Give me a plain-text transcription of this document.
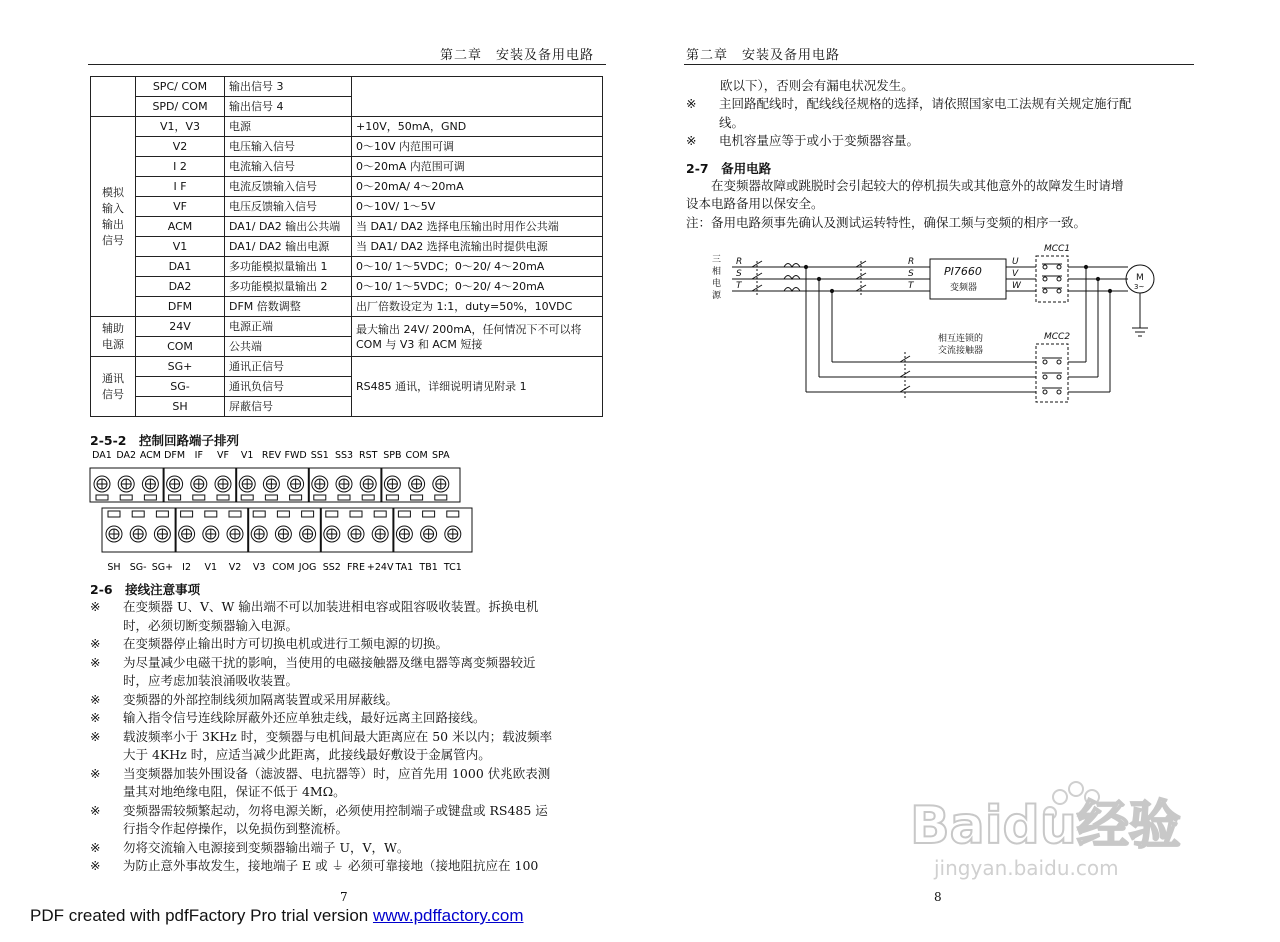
第二章　安装及备用电路	第二章　安装及备用电路
	SPC/ COM	输出信号 3	
	SPD/ COM	输出信号 4	
模拟
输入
输出
信号	V1，V3	电源	+10V，50mA，GND
	V2	电压输入信号	0～10V 内范围可调
	I 2	电流输入信号	0～20mA 内范围可调
	I F	电流反馈输入信号	0～20mA/ 4～20mA
	VF	电压反馈输入信号	0～10V/ 1～5V
	ACM	DA1/ DA2 输出公共端	当 DA1/ DA2 选择电压输出时用作公共端
	V1	DA1/ DA2 输出电源	当 DA1/ DA2 选择电流输出时提供电源
	DA1	多功能模拟量输出 1	0～10/ 1～5VDC；0～20/ 4～20mA
	DA2	多功能模拟量输出 2	0～10/ 1～5VDC；0～20/ 4～20mA
	DFM	DFM 倍数调整	出厂倍数设定为 1:1，duty=50%，10VDC
辅助
电源	24V	电源正端	最大输出 24V/ 200mA，任何情况下不可以将 COM 与 V3 和 ACM 短接
	COM	公共端	
通讯
信号	SG+	通讯正信号	RS485 通讯，详细说明请见附录 1
	SG-	通讯负信号	
	SH	屏蔽信号	
2-5-2　控制回路端子排列
DA1 DA2 ACM DFM IF VF V1 REV FWD SS1 SS3 RST SPB COM SPA
SH SG- SG+ I2 V1 V2 V3 COM JOG SS2 FRE +24V TA1 TB1 TC1
2-6　接线注意事项
※ 在变频器 U、V、W 输出端不可以加装进相电容或阻容吸收装置。拆换电机
时，必须切断变频器输入电源。
※ 在变频器停止输出时方可切换电机或进行工频电源的切换。
※ 为尽量减少电磁干扰的影响，当使用的电磁接触器及继电器等离变频器较近
时，应考虑加装浪涌吸收装置。
※ 变频器的外部控制线须加隔离装置或采用屏蔽线。
※ 输入指令信号连线除屏蔽外还应单独走线，最好远离主回路接线。
※ 载波频率小于 3KHz 时，变频器与电机间最大距离应在 50 米以内；载波频率
大于 4KHz 时，应适当减少此距离，此接线最好敷设于金属管内。
※ 当变频器加装外围设备（滤波器、电抗器等）时，应首先用 1000 伏兆欧表测
量其对地绝缘电阻，保证不低于 4MΩ。
※ 变频器需较频繁起动，勿将电源关断，必须使用控制端子或键盘或 RS485 运
行指令作起停操作，以免损伤到整流桥。
※ 勿将交流输入电源接到变频器输出端子 U，V，W。
※ 为防止意外事故发生，接地端子 E 或 ⏚ 必须可靠接地（接地阻抗应在 100
欧以下），否则会有漏电状况发生。
※ 主回路配线时，配线线径规格的选择，请依照国家电工法规有关规定施行配
线。
※ 电机容量应等于或小于变频器容量。
2-7　备用电路
　　在变频器故障或跳脱时会引起较大的停机损失或其他意外的故障发生时请增
设本电路备用以保安全。
注：备用电路须事先确认及测试运转特性，确保工频与变频的相序一致。
三
相
电
源
R
S
T
R
S
T
PI7660
变频器
U
V
W
MCC1
MCC2
相互连锁的
交流接触器
M
3~
7	8
Baidu经验
jingyan.baidu.com
PDF created with pdfFactory Pro trial version www.pdffactory.com
